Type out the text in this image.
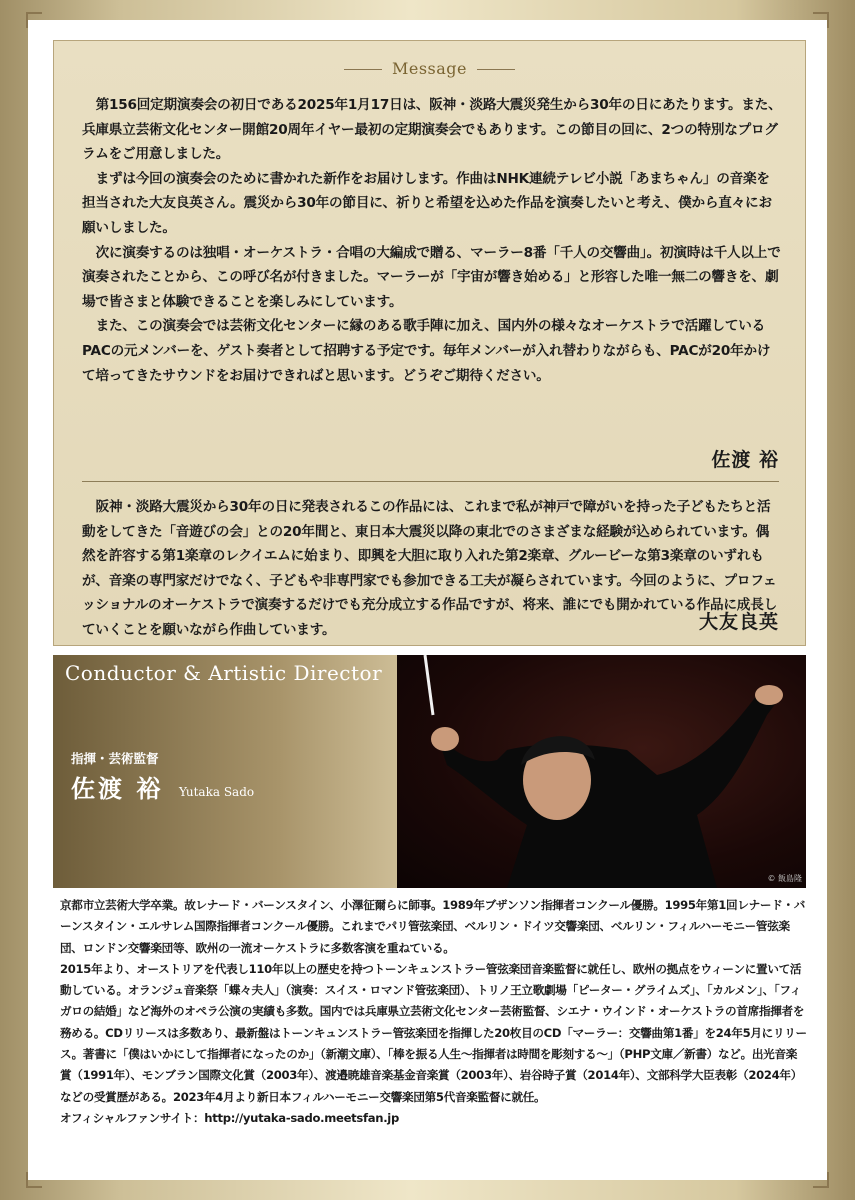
Message

第156回定期演奏会の初日である2025年1月17日は、阪神・淡路大震災発生から30年の日にあたります。また、兵庫県立芸術文化センター開館20周年イヤー最初の定期演奏会でもあります。この節目の回に、2つの特別なプログラムをご用意しました。

まずは今回の演奏会のために書かれた新作をお届けします。作曲はNHK連続テレビ小説「あまちゃん」の音楽を担当された大友良英さん。震災から30年の節目に、祈りと希望を込めた作品を演奏したいと考え、僕から直々にお願いしました。

次に演奏するのは独唱・オーケストラ・合唱の大編成で贈る、マーラー8番「千人の交響曲」。初演時は千人以上で演奏されたことから、この呼び名が付きました。マーラーが「宇宙が響き始める」と形容した唯一無二の響きを、劇場で皆さまと体験できることを楽しみにしています。

また、この演奏会では芸術文化センターに縁のある歌手陣に加え、国内外の様々なオーケストラで活躍しているPACの元メンバーを、ゲスト奏者として招聘する予定です。毎年メンバーが入れ替わりながらも、PACが20年かけて培ってきたサウンドをお届けできればと思います。どうぞご期待ください。

佐渡 裕

阪神・淡路大震災から30年の日に発表されるこの作品には、これまで私が神戸で障がいを持った子どもたちと活動をしてきた「音遊びの会」との20年間と、東日本大震災以降の東北でのさまざまな経験が込められています。偶然を許容する第1楽章のレクイエムに始まり、即興を大胆に取り入れた第2楽章、グルービーな第3楽章のいずれもが、音楽の専門家だけでなく、子どもや非専門家でも参加できる工夫が凝らされています。今回のように、プロフェッショナルのオーケストラで演奏するだけでも充分成立する作品ですが、将来、誰にでも開かれている作品に成長していくことを願いながら作曲しています。	大友良英
Conductor & Artistic Director
指揮・芸術監督
佐渡 裕 Yutaka Sado
© 飯島隆

京都市立芸術大学卒業。故レナード・バーンスタイン、小澤征爾らに師事。1989年ブザンソン指揮者コンクール優勝。1995年第1回レナード・バーンスタイン・エルサレム国際指揮者コンクール優勝。これまでパリ管弦楽団、ベルリン・ドイツ交響楽団、ベルリン・フィルハーモニー管弦楽団、ロンドン交響楽団等、欧州の一流オーケストラに多数客演を重ねている。

2015年より、オーストリアを代表し110年以上の歴史を持つトーンキュンストラー管弦楽団音楽監督に就任し、欧州の拠点をウィーンに置いて活動している。オランジュ音楽祭「蝶々夫人」（演奏：スイス・ロマンド管弦楽団）、トリノ王立歌劇場「ピーター・グライムズ」、「カルメン」、「フィガロの結婚」など海外のオペラ公演の実績も多数。国内では兵庫県立芸術文化センター芸術監督、シエナ・ウインド・オーケストラの首席指揮者を務める。CDリリースは多数あり、最新盤はトーンキュンストラー管弦楽団を指揮した20枚目のCD「マーラー：交響曲第1番」を24年5月にリリース。著書に「僕はいかにして指揮者になったのか」（新潮文庫）、「棒を振る人生～指揮者は時間を彫刻する～」（PHP文庫／新書）など。出光音楽賞（1991年）、モンブラン国際文化賞（2003年）、渡邉暁雄音楽基金音楽賞（2003年）、岩谷時子賞（2014年）、文部科学大臣表彰（2024年）などの受賞歴がある。2023年4月より新日本フィルハーモニー交響楽団第5代音楽監督に就任。

オフィシャルファンサイト：http://yutaka-sado.meetsfan.jp
